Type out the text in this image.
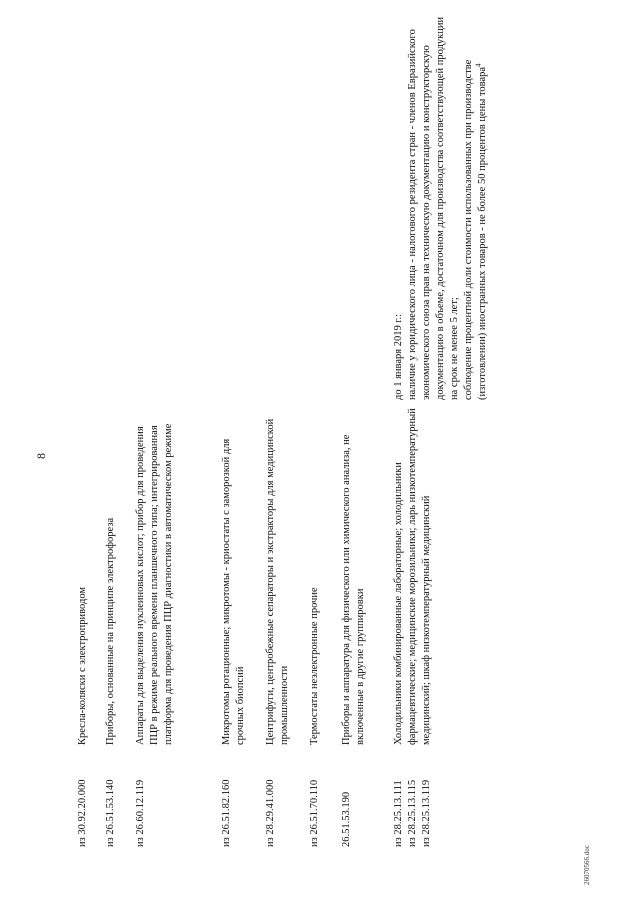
8
из 30.92.20.000
Кресла-коляски с электроприводом
из 26.51.53.140
Приборы, основанные на принципе электрофореза
из 26.60.12.119
Аппараты для выделения нуклеиновых кислот; прибор для проведения ПЦР в режиме реального времени планшечного типа; интегрированная платформа для проведения ПЦР диагностики в автоматическом режиме
из 26.51.82.160
Микротомы ротационные; микротомы - криостаты с заморозкой для срочных биопсий
из 28.29.41.000
Центрифуги, центробежные сепараторы и экстракторы для медицинской промышленности
из 26.51.70.110
Термостаты неэлектронные прочие
26.51.53.190
Приборы и аппаратура для физического или химического анализа, не включенные в другие группировки
из 28.25.13.111
из 28.25.13.115
из 28.25.13.119
Холодильники комбинированные лабораторные; холодильники фармацевтические; медицинские морозильники; ларь низкотемпературный медицинский; шкаф низкотемпературный медицинский

до 1 января 2019 г.: наличие у юридического лица - налогового резидента стран - членов Евразийского экономического союза прав на техническую документацию и конструкторскую документацию в объеме, достаточном для производства соответствующей продукции на срок не менее 5 лет; соблюдение процентной доли стоимости использованных при производстве (изготовлении) иностранных товаров - не более 50 процентов цены товара$^4$

26070566.doc
